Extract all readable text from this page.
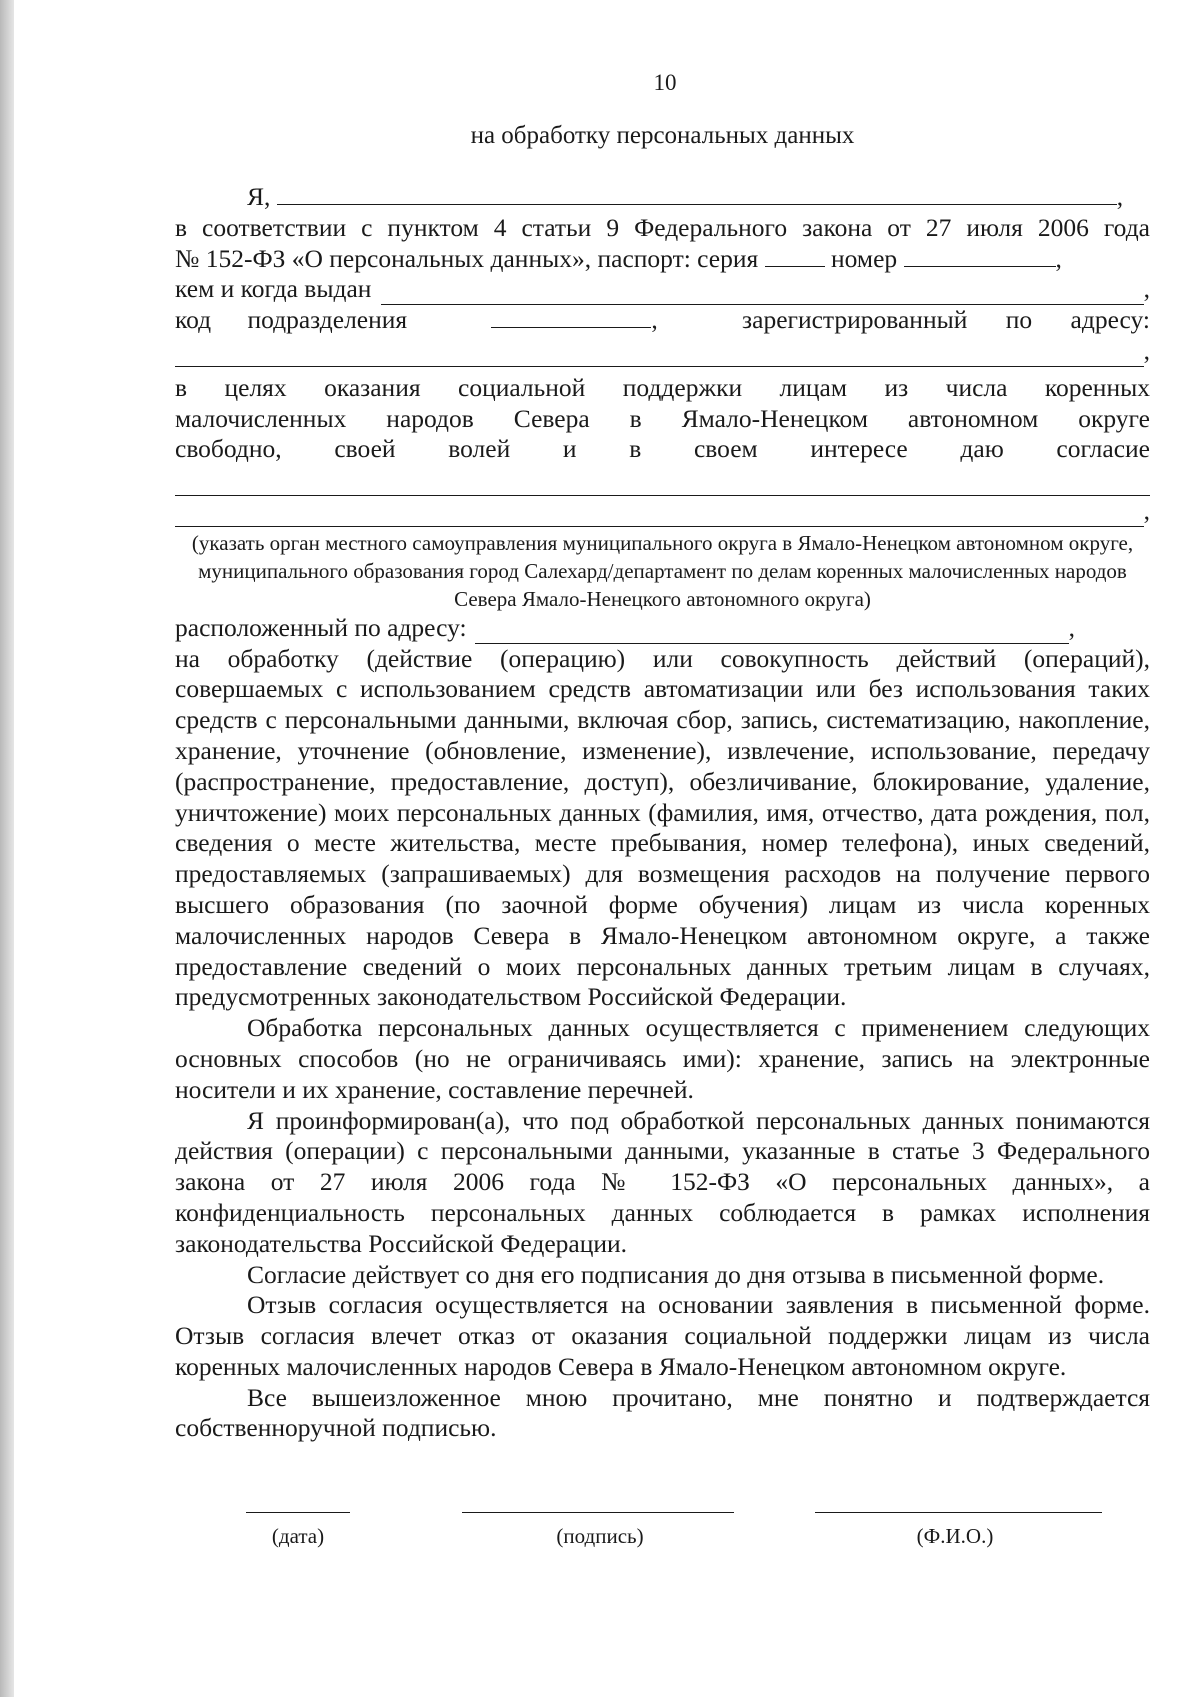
10
на обработку персональных данных
Я,	,
в соответствии с пунктом 4 статьи 9 Федерального закона от 27 июля 2006 года
№ 152-ФЗ «О персональных данных», паспорт: серия	номер	,
кем и когда выдан	,
код подразделения	,	зарегистрированный по адресу:
,
в целях оказания социальной поддержки лицам из числа коренных
малочисленных народов Севера в Ямало-Ненецком автономном округе
свободно, своей волей и в своем интересе даю согласие
,
(указать орган местного самоуправления муниципального округа в Ямало-Ненецком автономном округе, муниципального образования город Салехард/департамент по делам коренных малочисленных народов Севера Ямало-Ненецкого автономного округа)
расположенный по адресу:	,
на обработку (действие (операцию) или совокупность действий (операций), совершаемых с использованием средств автоматизации или без использования таких средств с персональными данными, включая сбор, запись, систематизацию, накопление, хранение, уточнение (обновление, изменение), извлечение, использование, передачу (распространение, предоставление, доступ), обезличивание, блокирование, удаление, уничтожение) моих персональных данных (фамилия, имя, отчество, дата рождения, пол, сведения о месте жительства, месте пребывания, номер телефона), иных сведений, предоставляемых (запрашиваемых) для возмещения расходов на получение первого высшего образования (по заочной форме обучения) лицам из числа коренных малочисленных народов Севера в Ямало-Ненецком автономном округе, а также предоставление сведений о моих персональных данных третьим лицам в случаях, предусмотренных законодательством Российской Федерации.
Обработка персональных данных осуществляется с применением следующих основных способов (но не ограничиваясь ими): хранение, запись на электронные носители и их хранение, составление перечней.
Я проинформирован(а), что под обработкой персональных данных понимаются действия (операции) с персональными данными, указанные в статье 3 Федерального закона от 27 июля 2006 года № 152-ФЗ «О персональных данных», а конфиденциальность персональных данных соблюдается в рамках исполнения законодательства Российской Федерации.
Согласие действует со дня его подписания до дня отзыва в письменной форме.
Отзыв согласия осуществляется на основании заявления в письменной форме. Отзыв согласия влечет отказ от оказания социальной поддержки лицам из числа коренных малочисленных народов Севера в Ямало-Ненецком автономном округе.
Все вышеизложенное мною прочитано, мне понятно и подтверждается собственноручной подписью.
(дата)	(подпись)	(Ф.И.О.)
